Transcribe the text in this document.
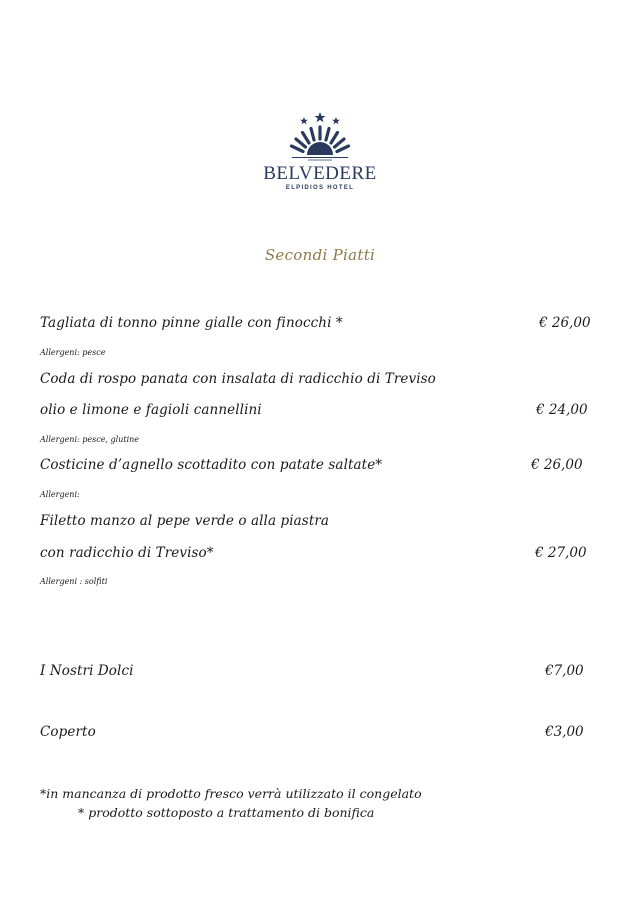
BELVEDERE
ELPIDIOS HOTEL
Secondi Piatti
Tagliata di tonno pinne gialle con finocchi *	€ 26,00
Allergeni: pesce
Coda di rospo panata con insalata di radicchio di Treviso
olio e limone e fagioli cannellini	€ 24,00
Allergeni: pesce, glutine
Costicine d’agnello scottadito con patate saltate*	€ 26,00
Allergeni:
Filetto manzo al pepe verde o alla piastra
con radicchio di Treviso*	€ 27,00
Allergeni : solfiti
I Nostri Dolci	€7,00
Coperto	€3,00
*in mancanza di prodotto fresco verrà utilizzato il congelato
* prodotto sottoposto a trattamento di bonifica
